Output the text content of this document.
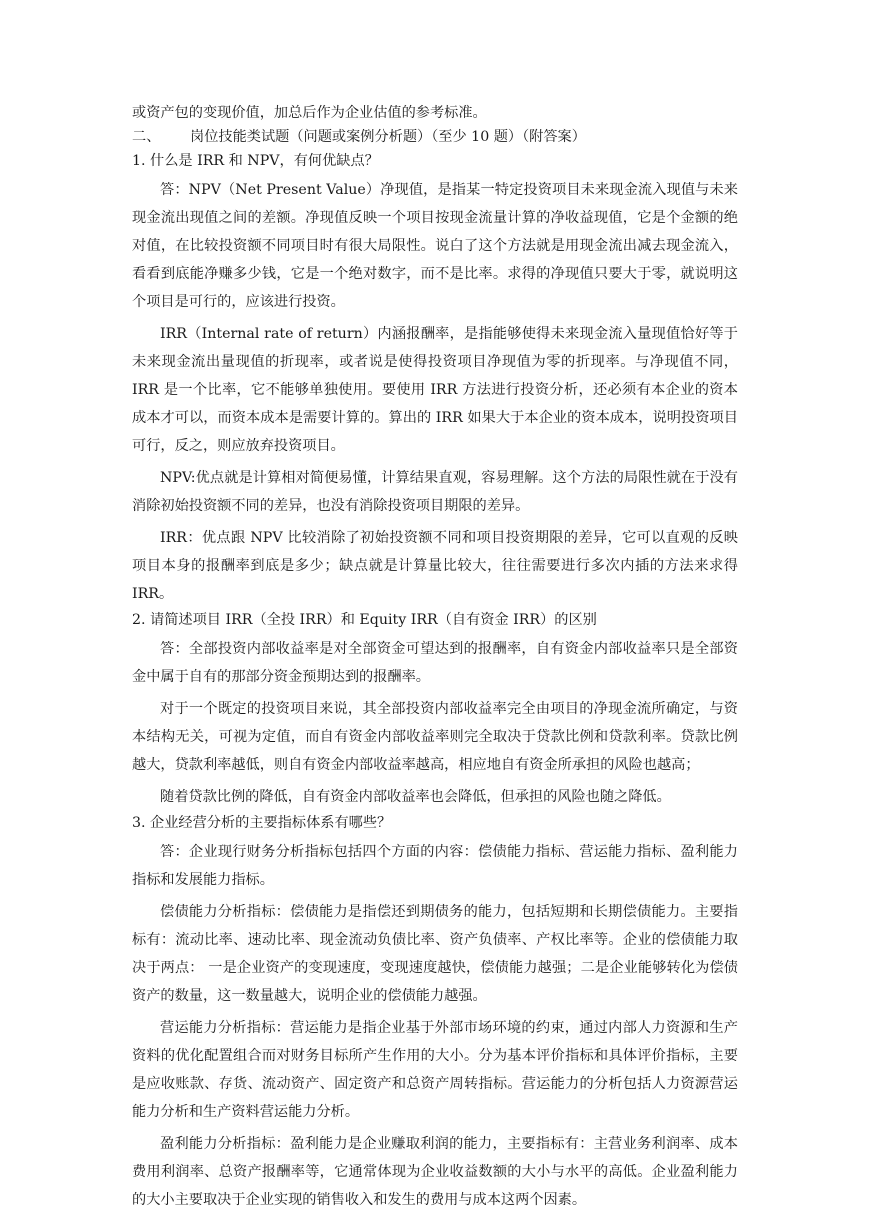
或资产包的变现价值，加总后作为企业估值的参考标准。
二、 岗位技能类试题（问题或案例分析题）（至少 10 题）（附答案）
1. 什么是 IRR 和 NPV，有何优缺点？

答：NPV（Net Present Value）净现值，是指某一特定投资项目未来现金流入现值与未来现金流出现值之间的差额。净现值反映一个项目按现金流量计算的净收益现值，它是个金额的绝对值，在比较投资额不同项目时有很大局限性。说白了这个方法就是用现金流出减去现金流入，看看到底能净赚多少钱，它是一个绝对数字，而不是比率。求得的净现值只要大于零，就说明这个项目是可行的，应该进行投资。

IRR（Internal rate of return）内涵报酬率，是指能够使得未来现金流入量现值恰好等于未来现金流出量现值的折现率，或者说是使得投资项目净现值为零的折现率。与净现值不同，IRR 是一个比率，它不能够单独使用。要使用 IRR 方法进行投资分析，还必须有本企业的资本成本才可以，而资本成本是需要计算的。算出的 IRR 如果大于本企业的资本成本，说明投资项目可行，反之，则应放弃投资项目。

NPV:优点就是计算相对简便易懂，计算结果直观，容易理解。这个方法的局限性就在于没有消除初始投资额不同的差异，也没有消除投资项目期限的差异。

IRR：优点跟 NPV 比较消除了初始投资额不同和项目投资期限的差异，它可以直观的反映项目本身的报酬率到底是多少；缺点就是计算量比较大，往往需要进行多次内插的方法来求得 IRR。

2. 请简述项目 IRR（全投 IRR）和 Equity IRR（自有资金 IRR）的区别

答：全部投资内部收益率是对全部资金可望达到的报酬率，自有资金内部收益率只是全部资金中属于自有的那部分资金预期达到的报酬率。

对于一个既定的投资项目来说，其全部投资内部收益率完全由项目的净现金流所确定，与资本结构无关，可视为定值，而自有资金内部收益率则完全取决于贷款比例和贷款利率。贷款比例越大，贷款利率越低，则自有资金内部收益率越高，相应地自有资金所承担的风险也越高；

随着贷款比例的降低，自有资金内部收益率也会降低，但承担的风险也随之降低。

3. 企业经营分析的主要指标体系有哪些？

答：企业现行财务分析指标包括四个方面的内容：偿债能力指标、营运能力指标、盈利能力指标和发展能力指标。

偿债能力分析指标：偿债能力是指偿还到期债务的能力，包括短期和长期偿债能力。主要指标有：流动比率、速动比率、现金流动负债比率、资产负债率、产权比率等。企业的偿债能力取决于两点： 一是企业资产的变现速度，变现速度越快，偿债能力越强；二是企业能够转化为偿债资产的数量，这一数量越大，说明企业的偿债能力越强。

营运能力分析指标：营运能力是指企业基于外部市场环境的约束，通过内部人力资源和生产资料的优化配置组合而对财务目标所产生作用的大小。分为基本评价指标和具体评价指标，主要是应收账款、存货、流动资产、固定资产和总资产周转指标。营运能力的分析包括人力资源营运能力分析和生产资料营运能力分析。

盈利能力分析指标：盈利能力是企业赚取利润的能力，主要指标有：主营业务利润率、成本费用利润率、总资产报酬率等，它通常体现为企业收益数额的大小与水平的高低。企业盈利能力的大小主要取决于企业实现的销售收入和发生的费用与成本这两个因素。
